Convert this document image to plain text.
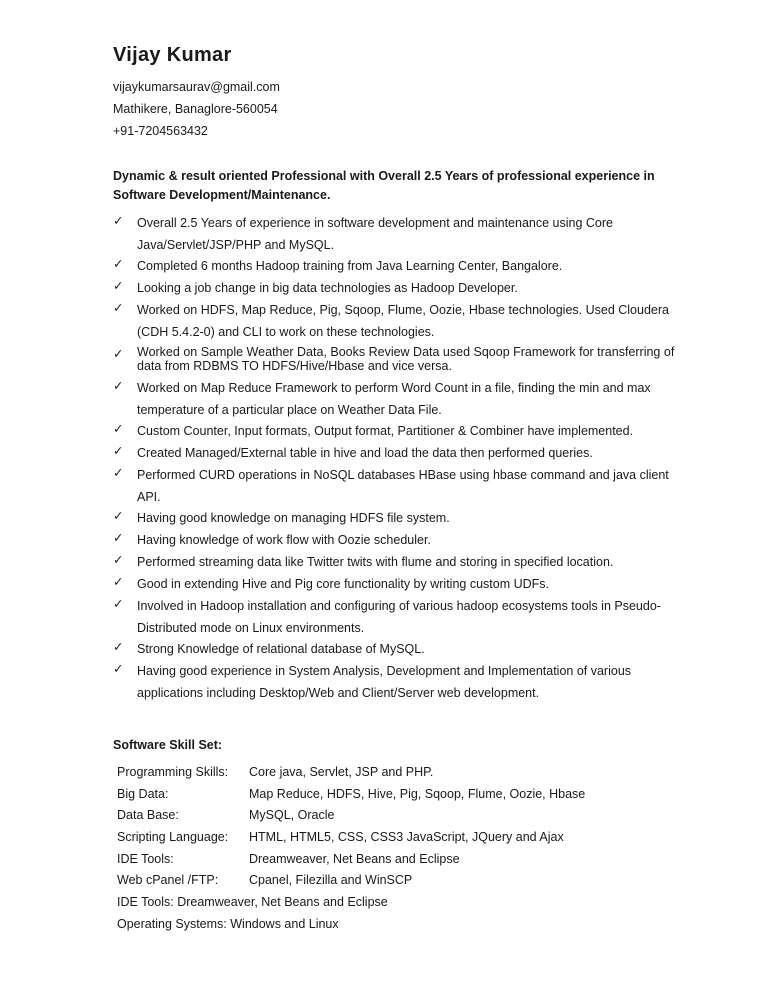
Vijay Kumar
vijaykumarsaurav@gmail.com
Mathikere, Banaglore-560054
+91-7204563432
Dynamic & result oriented Professional with Overall 2.5 Years of professional experience in Software Development/Maintenance.
✓ Overall 2.5 Years of experience in software development and maintenance using Core Java/Servlet/JSP/PHP and MySQL.
✓ Completed 6 months Hadoop training from Java Learning Center, Bangalore.
✓ Looking a job change in big data technologies as Hadoop Developer.
✓ Worked on HDFS, Map Reduce, Pig, Sqoop, Flume, Oozie, Hbase technologies. Used Cloudera (CDH 5.4.2-0) and CLI to work on these technologies.
✓ Worked on Sample Weather Data, Books Review Data used Sqoop Framework for transferring of data from RDBMS TO HDFS/Hive/Hbase and vice versa.
✓ Worked on Map Reduce Framework to perform Word Count in a file, finding the min and max temperature of a particular place on Weather Data File.
✓ Custom Counter, Input formats, Output format, Partitioner & Combiner have implemented.
✓ Created Managed/External table in hive and load the data then performed queries.
✓ Performed CURD operations in NoSQL databases HBase using hbase command and java client API.
✓ Having good knowledge on managing HDFS file system.
✓ Having knowledge of work flow with Oozie scheduler.
✓ Performed streaming data like Twitter twits with flume and storing in specified location.
✓ Good in extending Hive and Pig core functionality by writing custom UDFs.
✓ Involved in Hadoop installation and configuring of various hadoop ecosystems tools in Pseudo-Distributed mode on Linux environments.
✓ Strong Knowledge of relational database of MySQL.
✓ Having good experience in System Analysis, Development and Implementation of various applications including Desktop/Web and Client/Server web development.
Software Skill Set:
Programming Skills: Core java, Servlet, JSP and PHP.
Big Data:	Map Reduce, HDFS, Hive, Pig, Sqoop, Flume, Oozie, Hbase
Data Base:	MySQL, Oracle
Scripting Language: HTML, HTML5, CSS, CSS3 JavaScript, JQuery and Ajax
IDE Tools:	Dreamweaver, Net Beans and Eclipse
Web cPanel /FTP: Cpanel, Filezilla and WinSCP
IDE Tools: Dreamweaver, Net Beans and Eclipse
Operating Systems: Windows and Linux
